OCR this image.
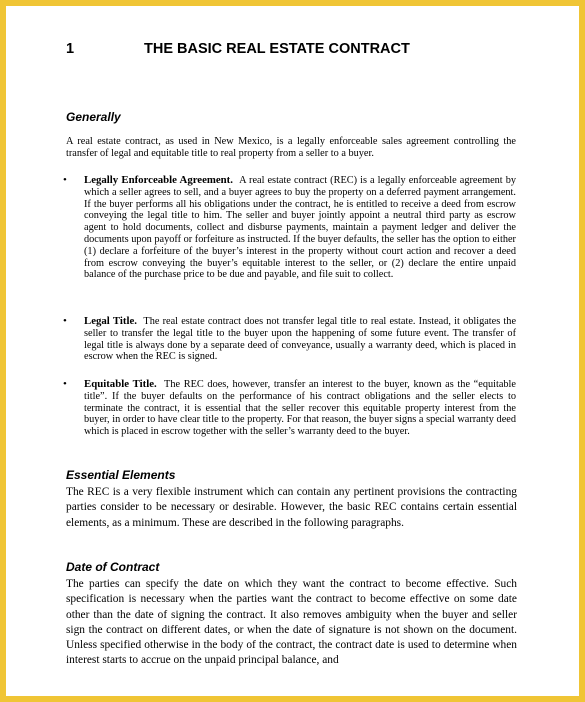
1	THE BASIC REAL ESTATE CONTRACT
Generally

A real estate contract, as used in New Mexico, is a legally enforceable sales agreement controlling the transfer of legal and equitable title to real property from a seller to a buyer.

• Legally Enforceable Agreement. A real estate contract (REC) is a legally enforceable agreement by which a seller agrees to sell, and a buyer agrees to buy the property on a deferred payment arrangement. If the buyer performs all his obligations under the contract, he is entitled to receive a deed from escrow conveying the legal title to him. The seller and buyer jointly appoint a neutral third party as escrow agent to hold documents, collect and disburse payments, maintain a payment ledger and deliver the documents upon payoff or forfeiture as instructed. If the buyer defaults, the seller has the option to either (1) declare a forfeiture of the buyer’s interest in the property without court action and recover a deed from escrow conveying the buyer’s equitable interest to the seller, or (2) declare the entire unpaid balance of the purchase price to be due and payable, and file suit to collect.

• Legal Title. The real estate contract does not transfer legal title to real estate. Instead, it obligates the seller to transfer the legal title to the buyer upon the happening of some future event. The transfer of legal title is always done by a separate deed of conveyance, usually a warranty deed, which is placed in escrow when the REC is signed.

• Equitable Title. The REC does, however, transfer an interest to the buyer, known as the “equitable title”. If the buyer defaults on the performance of his contract obligations and the seller elects to terminate the contract, it is essential that the seller recover this equitable property interest from the buyer, in order to have clear title to the property. For that reason, the buyer signs a special warranty deed which is placed in escrow together with the seller’s warranty deed to the buyer.

Essential Elements

The REC is a very flexible instrument which can contain any pertinent provisions the contracting parties consider to be necessary or desirable. However, the basic REC contains certain essential elements, as a minimum. These are described in the following paragraphs.

Date of Contract

The parties can specify the date on which they want the contract to become effective. Such specification is necessary when the parties want the contract to become effective on some date other than the date of signing the contract. It also removes ambiguity when the buyer and seller sign the contract on different dates, or when the date of signature is not shown on the document. Unless specified otherwise in the body of the contract, the contract date is used to determine when interest starts to accrue on the unpaid principal balance, and
